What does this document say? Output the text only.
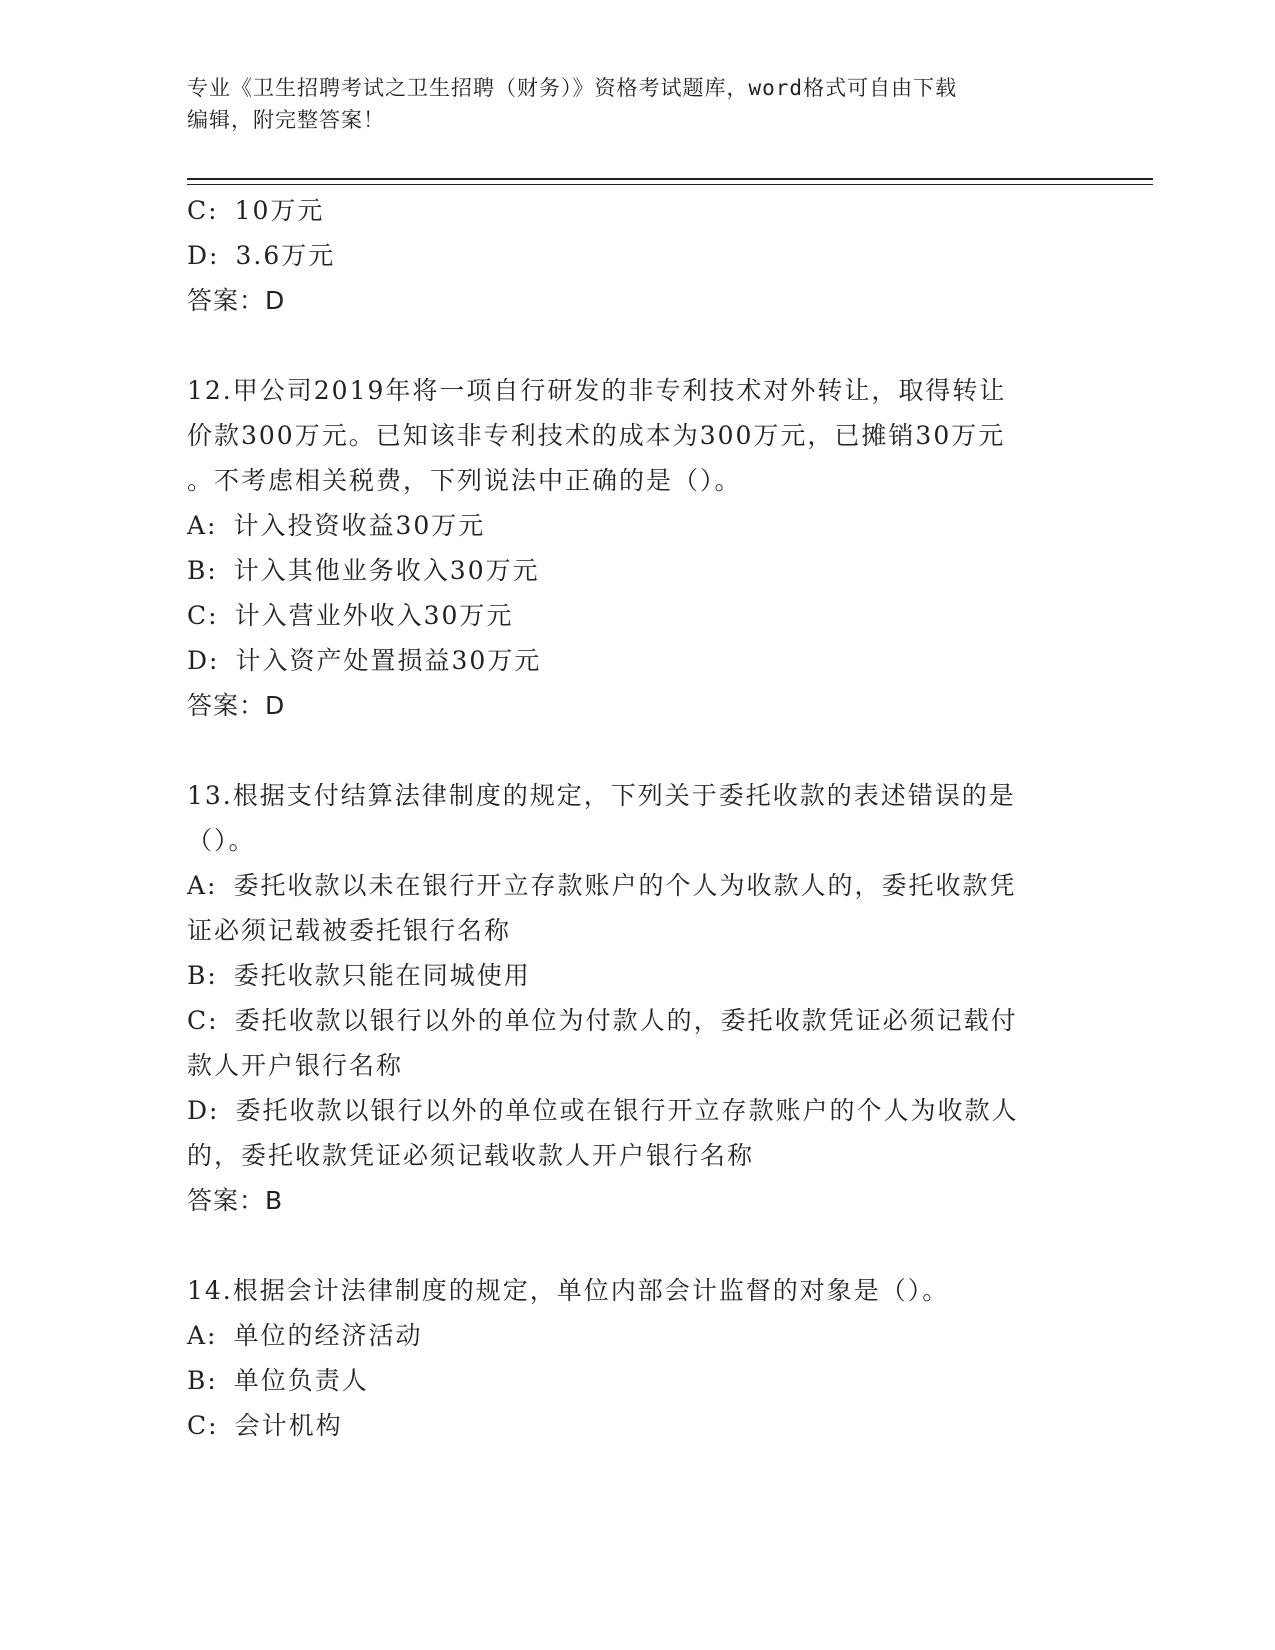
专业《卫生招聘考试之卫生招聘（财务）》资格考试题库，word格式可自由下载
编辑，附完整答案！
C: 10万元
D: 3.6万元
答案：D
12.甲公司2019年将一项自行研发的非专利技术对外转让，取得转让
价款300万元。已知该非专利技术的成本为300万元，已摊销30万元
。不考虑相关税费，下列说法中正确的是（）。
A: 计入投资收益30万元
B: 计入其他业务收入30万元
C: 计入营业外收入30万元
D: 计入资产处置损益30万元
答案：D
13.根据支付结算法律制度的规定，下列关于委托收款的表述错误的是
（）。
A: 委托收款以未在银行开立存款账户的个人为收款人的，委托收款凭
证必须记载被委托银行名称
B: 委托收款只能在同城使用
C: 委托收款以银行以外的单位为付款人的，委托收款凭证必须记载付
款人开户银行名称
D: 委托收款以银行以外的单位或在银行开立存款账户的个人为收款人
的，委托收款凭证必须记载收款人开户银行名称
答案：B
14.根据会计法律制度的规定，单位内部会计监督的对象是（）。
A: 单位的经济活动
B: 单位负责人
C: 会计机构
